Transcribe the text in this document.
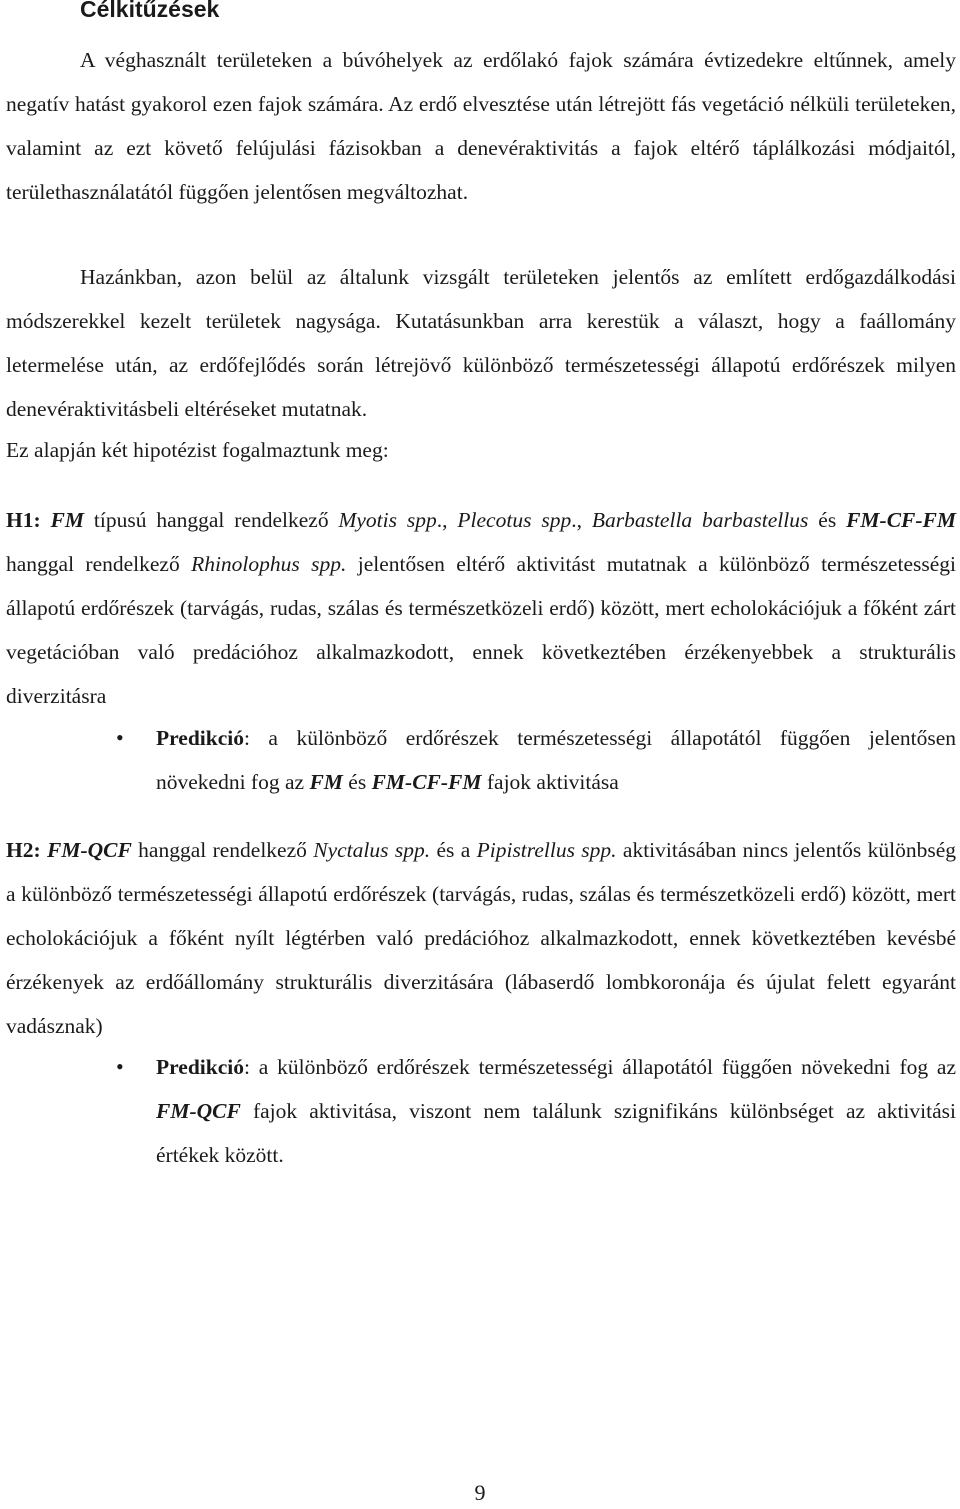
Célkitűzések

A véghasznált területeken a búvóhelyek az erdőlakó fajok számára évtizedekre eltűnnek, amely negatív hatást gyakorol ezen fajok számára. Az erdő elvesztése után létrejött fás vegetáció nélküli területeken, valamint az ezt követő felújulási fázisokban a denevéraktivitás a fajok eltérő táplálkozási módjaitól, területhasználatától függően jelentősen megváltozhat.

Hazánkban, azon belül az általunk vizsgált területeken jelentős az említett erdőgazdálkodási módszerekkel kezelt területek nagysága. Kutatásunkban arra kerestük a választ, hogy a faállomány letermelése után, az erdőfejlődés során létrejövő különböző természetességi állapotú erdőrészek milyen denevéraktivitásbeli eltéréseket mutatnak.

Ez alapján két hipotézist fogalmaztunk meg:

H1: FM típusú hanggal rendelkező Myotis spp., Plecotus spp., Barbastella barbastellus és FM-CF-FM hanggal rendelkező Rhinolophus spp. jelentősen eltérő aktivitást mutatnak a különböző természetességi állapotú erdőrészek (tarvágás, rudas, szálas és természetközeli erdő) között, mert echolokációjuk a főként zárt vegetációban való predációhoz alkalmazkodott, ennek következtében érzékenyebbek a strukturális diverzitásra

• Predikció: a különböző erdőrészek természetességi állapotától függően jelentősen növekedni fog az FM és FM-CF-FM fajok aktivitása

H2: FM-QCF hanggal rendelkező Nyctalus spp. és a Pipistrellus spp. aktivitásában nincs jelentős különbség a különböző természetességi állapotú erdőrészek (tarvágás, rudas, szálas és természetközeli erdő) között, mert echolokációjuk a főként nyílt légtérben való predációhoz alkalmazkodott, ennek következtében kevésbé érzékenyek az erdőállomány strukturális diverzitására (lábaserdő lombkoronája és újulat felett egyaránt vadásznak)

• Predikció: a különböző erdőrészek természetességi állapotától függően növekedni fog az FM-QCF fajok aktivitása, viszont nem találunk szignifikáns különbséget az aktivitási értékek között.

9
